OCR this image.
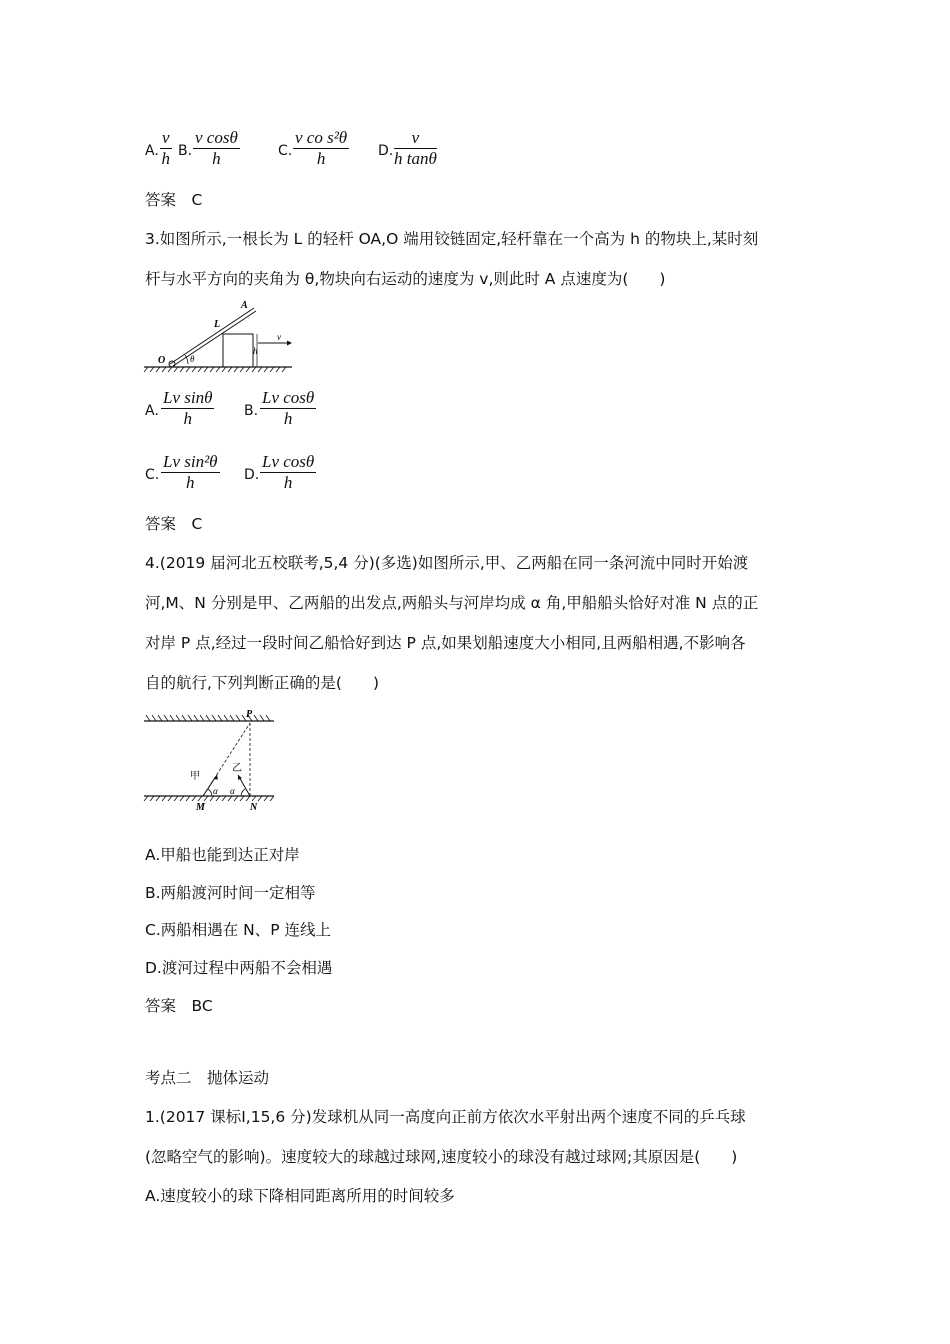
A.
v
h B.
v cosθ
h	C.
v co s²θ
h	D.
v
h tanθ
答案　C
3.如图所示,一根长为 L 的轻杆 OA,O 端用铰链固定,轻杆靠在一个高为 h 的物块上,某时刻
杆与水平方向的夹角为 θ,物块向右运动的速度为 v,则此时 A 点速度为(　　)
A
L
O	θ
h
v
A.
Lv sinθ
h	B.
Lv cosθ
h
C.
Lv sin²θ
h	D.
Lv cosθ
h
答案　C
4.(2019 届河北五校联考,5,4 分)(多选)如图所示,甲、乙两船在同一条河流中同时开始渡
河,M、N 分别是甲、乙两船的出发点,两船头与河岸均成 α 角,甲船船头恰好对准 N 点的正
对岸 P 点,经过一段时间乙船恰好到达 P 点,如果划船速度大小相同,且两船相遇,不影响各
自的航行,下列判断正确的是(　　)
P
M	N
甲
乙
α α
A.甲船也能到达正对岸
B.两船渡河时间一定相等
C.两船相遇在 N、P 连线上
D.渡河过程中两船不会相遇
答案　BC
考点二　抛体运动
1.(2017 课标Ⅰ,15,6 分)发球机从同一高度向正前方依次水平射出两个速度不同的乒乓球
(忽略空气的影响)。速度较大的球越过球网,速度较小的球没有越过球网;其原因是(　　)
A.速度较小的球下降相同距离所用的时间较多
